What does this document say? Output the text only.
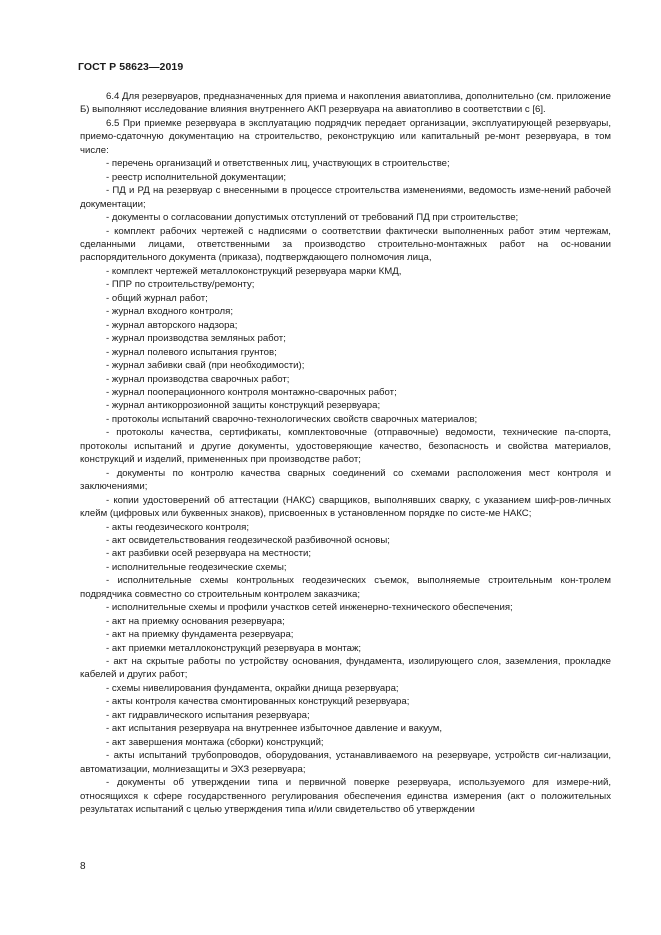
ГОСТ Р 58623—2019

6.4 Для резервуаров, предназначенных для приема и накопления авиатоплива, дополнительно (см. приложение Б) выполняют исследование влияния внутреннего АКП резервуара на авиатопливо в соответствии с [6].

6.5 При приемке резервуара в эксплуатацию подрядчик передает организации, эксплуатирующей резервуары, приемо-сдаточную документацию на строительство, реконструкцию или капитальный ре-монт резервуара, в том числе:

- перечень организаций и ответственных лиц, участвующих в строительстве;

- реестр исполнительной документации;

- ПД и РД на резервуар с внесенными в процессе строительства изменениями, ведомость изме-нений рабочей документации;

- документы о согласовании допустимых отступлений от требований ПД при строительстве;

- комплект рабочих чертежей с надписями о соответствии фактически выполненных работ этим чертежам, сделанными лицами, ответственными за производство строительно-монтажных работ на ос-новании распорядительного документа (приказа), подтверждающего полномочия лица,

- комплект чертежей металлоконструкций резервуара марки КМД,

- ППР по строительству/ремонту;

- общий журнал работ;

- журнал входного контроля;

- журнал авторского надзора;

- журнал производства земляных работ;

- журнал полевого испытания грунтов;

- журнал забивки свай (при необходимости);

- журнал производства сварочных работ;

- журнал пооперационного контроля монтажно-сварочных работ;

- журнал антикоррозионной защиты конструкций резервуара;

- протоколы испытаний сварочно-технологических свойств сварочных материалов;

- протоколы качества, сертификаты, комплектовочные (отправочные) ведомости, технические па-спорта, протоколы испытаний и другие документы, удостоверяющие качество, безопасность и свойства материалов, конструкций и изделий, примененных при производстве работ;

- документы по контролю качества сварных соединений со схемами расположения мест контроля и заключениями;

- копии удостоверений об аттестации (НАКС) сварщиков, выполнявших сварку, с указанием шиф-ров-личных клейм (цифровых или буквенных знаков), присвоенных в установленном порядке по систе-ме НАКС;

- акты геодезического контроля;

- акт освидетельствования геодезической разбивочной основы;

- акт разбивки осей резервуара на местности;

- исполнительные геодезические схемы;

- исполнительные схемы контрольных геодезических съемок, выполняемые строительным кон-тролем подрядчика совместно со строительным контролем заказчика;

- исполнительные схемы и профили участков сетей инженерно-технического обеспечения;

- акт на приемку основания резервуара;

- акт на приемку фундамента резервуара;

- акт приемки металлоконструкций резервуара в монтаж;

- акт на скрытые работы по устройству основания, фундамента, изолирующего слоя, заземления, прокладке кабелей и других работ;

- схемы нивелирования фундамента, окрайки днища резервуара;

- акты контроля качества смонтированных конструкций резервуара;

- акт гидравлического испытания резервуара;

- акт испытания резервуара на внутреннее избыточное давление и вакуум,

- акт завершения монтажа (сборки) конструкций;

- акты испытаний трубопроводов, оборудования, устанавливаемого на резервуаре, устройств сиг-нализации, автоматизации, молниезащиты и ЭХЗ резервуара;

- документы об утверждении типа и первичной поверке резервуара, используемого для измере-ний, относящихся к сфере государственного регулирования обеспечения единства измерения (акт о положительных результатах испытаний с целью утверждения типа и/или свидетельство об утверждении

8
